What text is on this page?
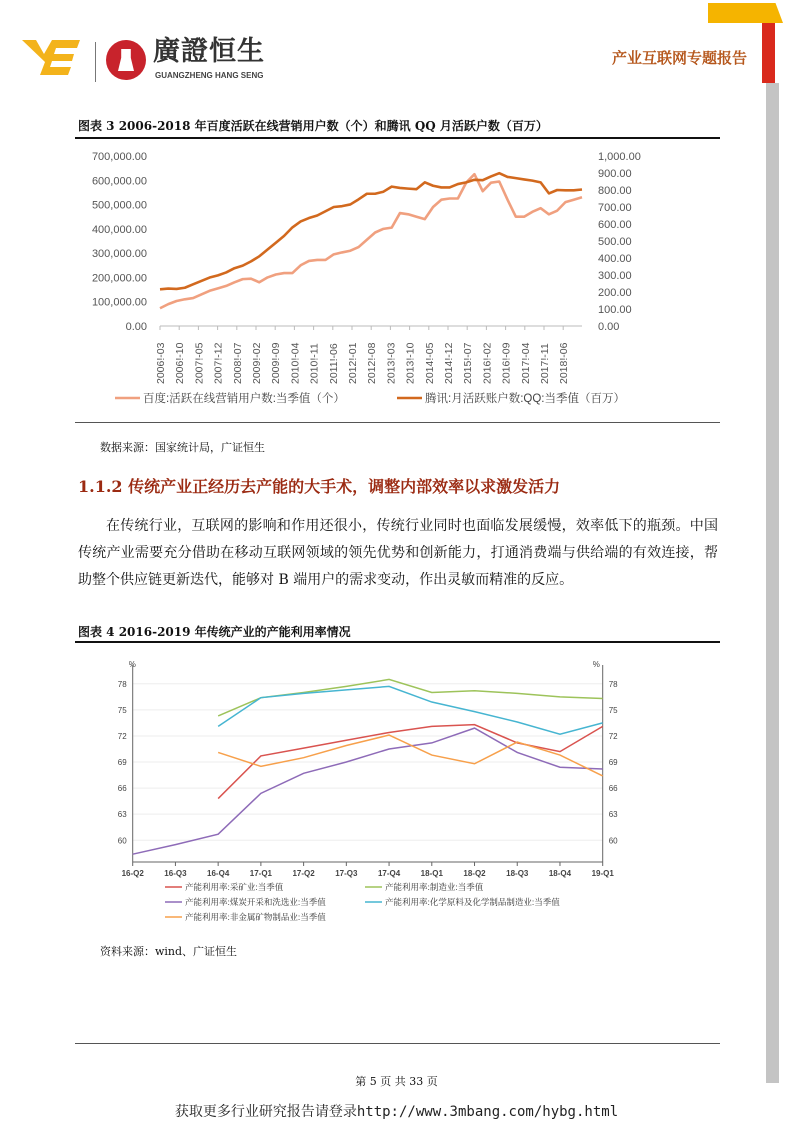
廣證恒生
GUANGZHENG HANG SENG
产业互联网专题报告
图表 3 2006-2018 年百度活跃在线营销用户数（个）和腾讯 QQ 月活跃户数（百万）
0.00
100,000.00
200,000.00
300,000.00
400,000.00
500,000.00
600,000.00
700,000.00
0.00
100.00
200.00
300.00
400.00
500.00
600.00
700.00
800.00
900.00
1,000.00
2006!-03 2006!-10 2007!-05 2007!-12 2008!-07 2009!-02 2009!-09 2010!-04 2010!-11 2011!-06 2012!-01 2012!-08 2013!-03 2013!-10 2014!-05 2014!-12 2015!-07 2016!-02 2016!-09 2017!-04 2017!-11 2018!-06
百度:活跃在线营销用户数:当季值（个）	腾讯:月活跃账户数:QQ:当季值（百万）
数据来源：国家统计局，广证恒生
1.1.2 传统产业正经历去产能的大手术，调整内部效率以求激发活力
在传统行业，互联网的影响和作用还很小，传统行业同时也面临发展缓慢，效率低下的瓶颈。中国传统产业需要充分借助在移动互联网领域的领先优势和创新能力，打通消费端与供给端的有效连接，帮助整个供应链更新迭代，能够对 B 端用户的需求变动，作出灵敏而精准的反应。
图表 4 2016-2019 年传统产业的产能利用率情况
60	60
63	63
66	66
69	69
72	72
75	75
78	78
%	%
16-Q2	16-Q3	16-Q4	17-Q1	17-Q2	17-Q3	17-Q4	18-Q1	18-Q2	18-Q3	18-Q4	19-Q1
产能利用率:采矿业:当季值	产能利用率:制造业:当季值
产能利用率:煤炭开采和洗选业:当季值	产能利用率:化学原料及化学制品制造业:当季值
产能利用率:非金属矿物制品业:当季值
资料来源：wind、广证恒生
第 5 页 共 33 页
获取更多行业研究报告请登录http://www.3mbang.com/hybg.html
